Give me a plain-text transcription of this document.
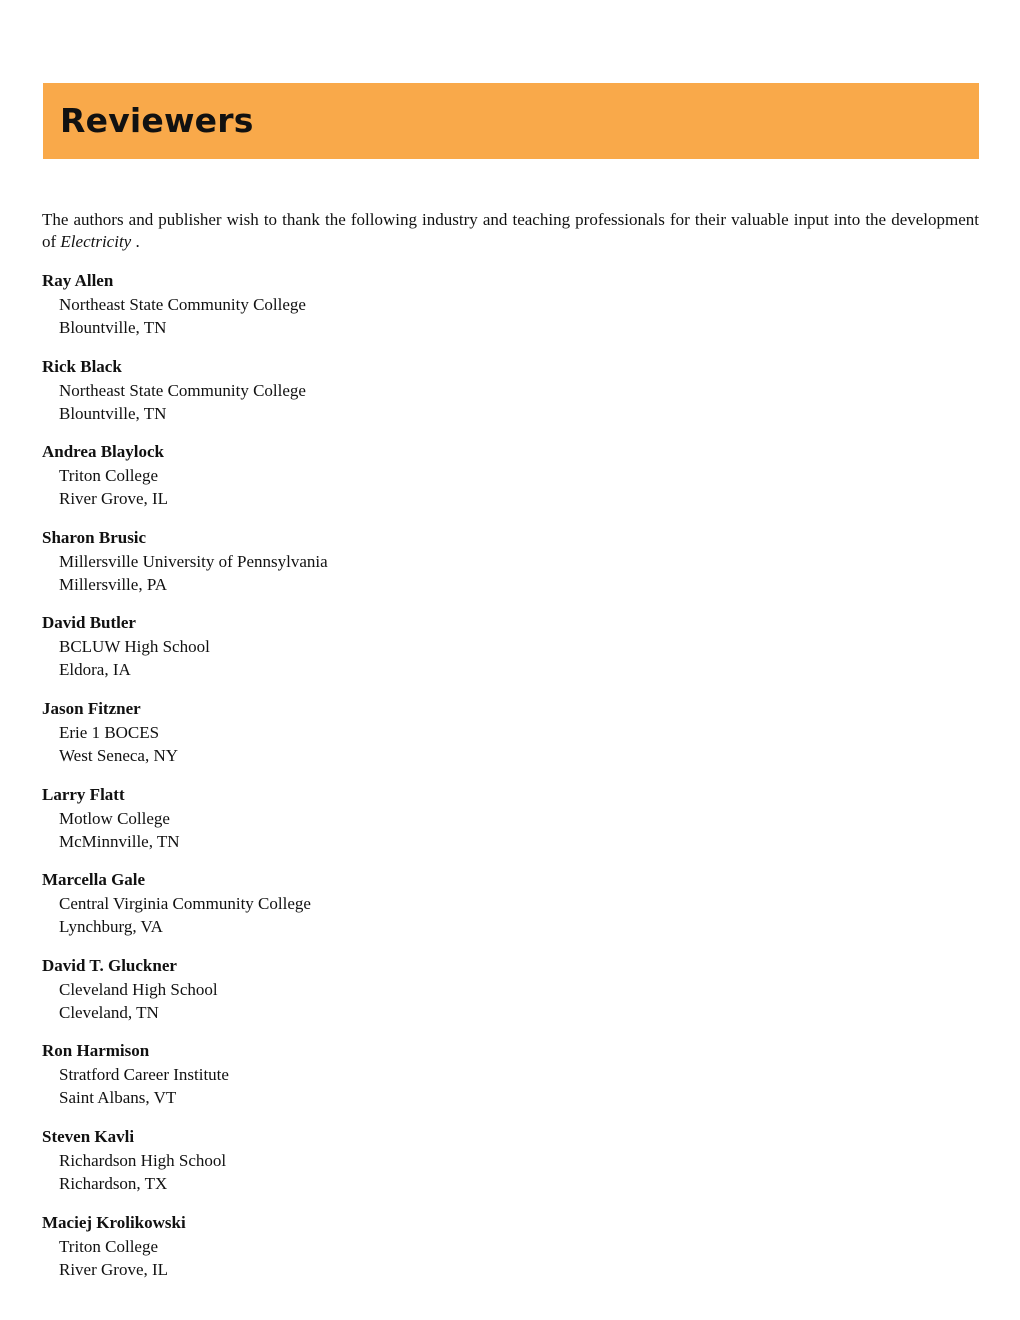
Reviewers

The authors and publisher wish to thank the following industry and teaching professionals for their valuable input into the development of Electricity .

Ray Allen

Northeast State Community College

Blountville, TN

Rick Black

Northeast State Community College

Blountville, TN

Andrea Blaylock

Triton College

River Grove, IL

Sharon Brusic

Millersville University of Pennsylvania

Millersville, PA

David Butler

BCLUW High School

Eldora, IA

Jason Fitzner

Erie 1 BOCES

West Seneca, NY

Larry Flatt

Motlow College

McMinnville, TN

Marcella Gale

Central Virginia Community College

Lynchburg, VA

David T. Gluckner

Cleveland High School

Cleveland, TN

Ron Harmison

Stratford Career Institute

Saint Albans, VT

Steven Kavli

Richardson High School

Richardson, TX

Maciej Krolikowski

Triton College

River Grove, IL
